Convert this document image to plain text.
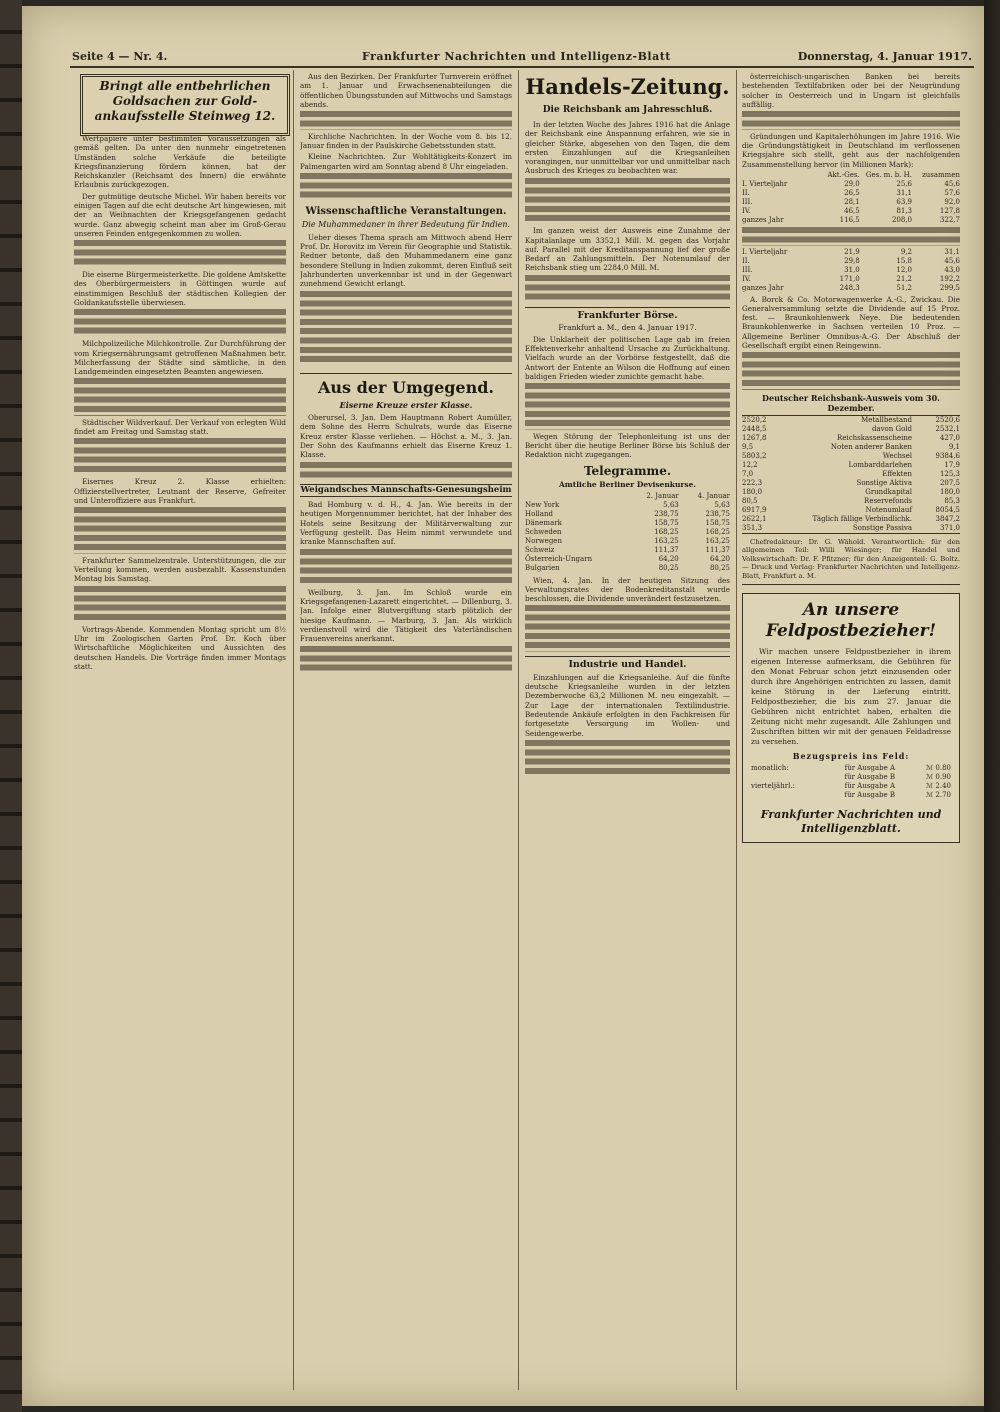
Seite 4 — Nr. 4.	Frankfurter Nachrichten und Intelligenz-Blatt	Donnerstag, 4. Januar 1917.
Bringt alle entbehrlichen Goldsachen zur Gold-ankaufsstelle Steinweg 12.

Wertpapiere unter bestimmten Voraussetzungen als gemäß gelten. Da unter den nunmehr eingetretenen Umständen solche Verkäufe die beteiligte Kriegsfinanzierung fördern können, hat der Reichskanzler (Reichsamt des Innern) die erwähnte Erlaubnis zurückgezogen.

Der gutmütige deutsche Michel. Wir haben bereits vor einigen Tagen auf die echt deutsche Art hingewiesen, mit der an Weihnachten der Kriegsgefangenen gedacht wurde. Ganz abwegig scheint man aber im Groß-Gerau unseren Feinden entgegenkommen zu wollen.

Die eiserne Bürgermeisterkette. Die goldene Amtskette des Oberbürgermeisters in Göttingen wurde auf einstimmigen Beschluß der städtischen Kollegien der Goldankaufsstelle überwiesen.

Milchpolizeiliche Milchkontrolle. Zur Durchführung der vom Kriegsernährungsamt getroffenen Maßnahmen betr. Milcherfassung der Städte sind sämtliche, in den Landgemeinden eingesetzten Beamten angewiesen.

Städtischer Wildverkauf. Der Verkauf von erlegten Wild findet am Freitag und Samstag statt.

Eisernes Kreuz 2. Klasse erhielten: Offizierstellvertreter, Leutnant der Reserve, Gefreiter und Unteroffiziere aus Frankfurt.

Frankfurter Sammelzentrale. Unterstützungen, die zur Verteilung kommen, werden ausbezahlt. Kassenstunden Montag bis Samstag.

Vortrags-Abende. Kommenden Montag spricht um 8½ Uhr im Zoologischen Garten Prof. Dr. Koch über Wirtschaftliche Möglichkeiten und Aussichten des deutschen Handels. Die Vorträge finden immer Montags statt.

Aus den Bezirken. Der Frankfurter Turnverein eröffnet am 1. Januar und Erwachsenenabteilungen die öffentlichen Übungsstunden auf Mittwochs und Samstags abends.

Kirchliche Nachrichten. In der Woche vom 8. bis 12. Januar finden in der Paulskirche Gebetsstunden statt.

Kleine Nachrichten. Zur Wohltätigkeits-Konzert im Palmengarten wird am Sonntag abend 8 Uhr eingeladen.

Wissenschaftliche Veranstaltungen.
Die Muhammedaner in ihrer Bedeutung für Indien.

Ueber dieses Thema sprach am Mittwoch abend Herr Prof. Dr. Horovitz im Verein für Geographie und Statistik. Redner betonte, daß den Muhammedanern eine ganz besondere Stellung in Indien zukommt, deren Einfluß seit Jahrhunderten unverkennbar ist und in der Gegenwart zunehmend Gewicht erlangt.

Aus der Umgegend.
Eiserne Kreuze erster Klasse.

Oberursel, 3. Jan. Dem Hauptmann Robert Aumüller, dem Sohne des Herrn Schulrats, wurde das Eiserne Kreuz erster Klasse verliehen. — Höchst a. M., 3. Jan. Der Sohn des Kaufmanns erhielt das Eiserne Kreuz 1. Klasse.

Weigandsches Mannschafts-Genesungsheim

Bad Homburg v. d. H., 4. Jan. Wie bereits in der heutigen Morgennummer berichtet, hat der Inhaber des Hotels seine Besitzung der Militärverwaltung zur Verfügung gestellt. Das Heim nimmt verwundete und kranke Mannschaften auf.

Weilburg, 3. Jan. Im Schloß wurde ein Kriegsgefangenen-Lazarett eingerichtet. — Dillenburg, 3. Jan. Infolge einer Blutvergiftung starb plötzlich der hiesige Kaufmann. — Marburg, 3. Jan. Als wirklich verdienstvoll wird die Tätigkeit des Vaterländischen Frauenvereins anerkannt.

Handels-Zeitung.
Die Reichsbank am Jahresschluß.

In der letzten Woche des Jahres 1916 hat die Anlage der Reichsbank eine Anspannung erfahren, wie sie in gleicher Stärke, abgesehen von den Tagen, die dem ersten Einzahlungen auf die Kriegsanleihen vorangingen, nur unmittelbar vor und unmittelbar nach Ausbruch des Krieges zu beobachten war.

Im ganzen weist der Ausweis eine Zunahme der Kapitalanlage um 3352,1 Mill. M. gegen das Vorjahr auf. Parallel mit der Kreditanspannung lief der große Bedarf an Zahlungsmitteln. Der Notenumlauf der Reichsbank stieg um 2284,0 Mill. M.

Frankfurter Börse.
Frankfurt a. M., den 4. Januar 1917.

Die Unklarheit der politischen Lage gab im freien Effektenverkehr anhaltend Ursache zu Zurückhaltung. Vielfach wurde an der Vorbörse festgestellt, daß die Antwort der Entente an Wilson die Hoffnung auf einen baldigen Frieden wieder zunichte gemacht habe.

Wegen Störung der Telephonleitung ist uns der Bericht über die heutige Berliner Börse bis Schluß der Redaktion nicht zugegangen.

Telegramme.
Amtliche Berliner Devisenkurse.
2. Januar	4. Januar
New York	5,63	5,63
Holland	238,75	238,75
Dänemark	158,75	158,75
Schweden	168,25	168,25
Norwegen	163,25	163,25
Schweiz	111,37	111,37
Österreich-Ungarn	64,20	64,20
Bulgarien	80,25	80,25

Wien, 4. Jan. In der heutigen Sitzung des Verwaltungsrates der Bodenkreditanstalt wurde beschlossen, die Dividende unverändert festzusetzen.

Industrie und Handel.

Einzahlungen auf die Kriegsanleihe. Auf die fünfte deutsche Kriegsanleihe wurden in der letzten Dezemberwoche 63,2 Millionen M. neu eingezahlt. — Zur Lage der internationalen Textilindustrie. Bedeutende Ankäufe erfolgten in den Fachkreisen für fortgesetzte Versorgung im Wollen- und Seidengewerbe.

österreichisch-ungarischen Banken bei bereits bestehenden Textilfabriken oder bei der Neugründung solcher in Oesterreich und in Ungarn ist gleichfalls auffällig.

Gründungen und Kapitalerhöhungen im Jahre 1916. Wie die Gründungstätigkeit in Deutschland im verflossenen Kriegsjahre sich stellt, geht aus der nachfolgenden Zusammenstellung hervor (in Millionen Mark):

Akt.-Ges. Ges. m. b. H.	zusammen
I. Vierteljahr	29,0	25,6	45,6
II.	26,5	31,1	57,6
III.	28,1	63,9	92,0
IV.	46,5	81,3	127,8
ganzes Jahr	116,5	208,0	322,7

I. Vierteljahr	21,9	9,2	31,1
II.	29,8	15,8	45,6
III.	31,0	12,0	43,0
IV.	171,0	21,2	192,2
ganzes Jahr	248,3	51,2	299,5

A. Borck & Co. Motorwagenwerke A.-G., Zwickau. Die Generalversammlung setzte die Dividende auf 15 Proz. fest. — Braunkohlenwerk Neye. Die bedeutenden Braunkohlenwerke in Sachsen verteilen 10 Proz. — Allgemeine Berliner Omnibus-A.-G. Der Abschluß der Gesellschaft ergibt einen Reingewinn.

Deutscher Reichsbank-Ausweis vom 30. Dezember.
2520,2	Metallbestand	2520,6
2448,5	davon Gold	2532,1
1267,8	Reichskassenscheine	427,0
9,5	Noten anderer Banken	9,1
5803,2	Wechsel	9384,6
12,2	Lombarddarlehen	17,9
7,0	Effekten	125,3
222,3	Sonstige Aktiva	207,5
180,0	Grundkapital	180,0
80,5	Reservefonds	85,3
6917,9	Notenumlauf	8054,5
2622,1	Täglich fällige Verbindlichk.	3847,2
351,3	Sonstige Passiva	371,0

Chefredakteur: Dr. G. Wähold. Verantwortlich: für den allgemeinen Teil: Willi Wiesinger; für Handel und Volkswirtschaft: Dr. F. Pfitzner; für den Anzeigenteil: G. Boltz. — Druck und Verlag: Frankfurter Nachrichten und Intelligenz-Blatt, Frankfurt a. M.

An unsere Feldpostbezieher!

Wir machen unsere Feldpostbezieher in ihrem eigenen Interesse aufmerksam, die Gebühren für den Monat Februar schon jetzt einzusenden oder durch ihre Angehörigen entrichten zu lassen, damit keine Störung in der Lieferung eintritt. Feldpostbezieher, die bis zum 27. Januar die Gebühren nicht entrichtet haben, erhalten die Zeitung nicht mehr zugesandt. Alle Zahlungen und Zuschriften bitten wir mit der genauen Feldadresse zu versehen.

Bezugspreis ins Feld:
monatlich:	für Ausgabe A	ℳ 0.80
für Ausgabe B	ℳ 0.90
vierteljährl.:	für Ausgabe A	ℳ 2.40
für Ausgabe B	ℳ 2.70
Frankfurter Nachrichten und Intelligenzblatt.
